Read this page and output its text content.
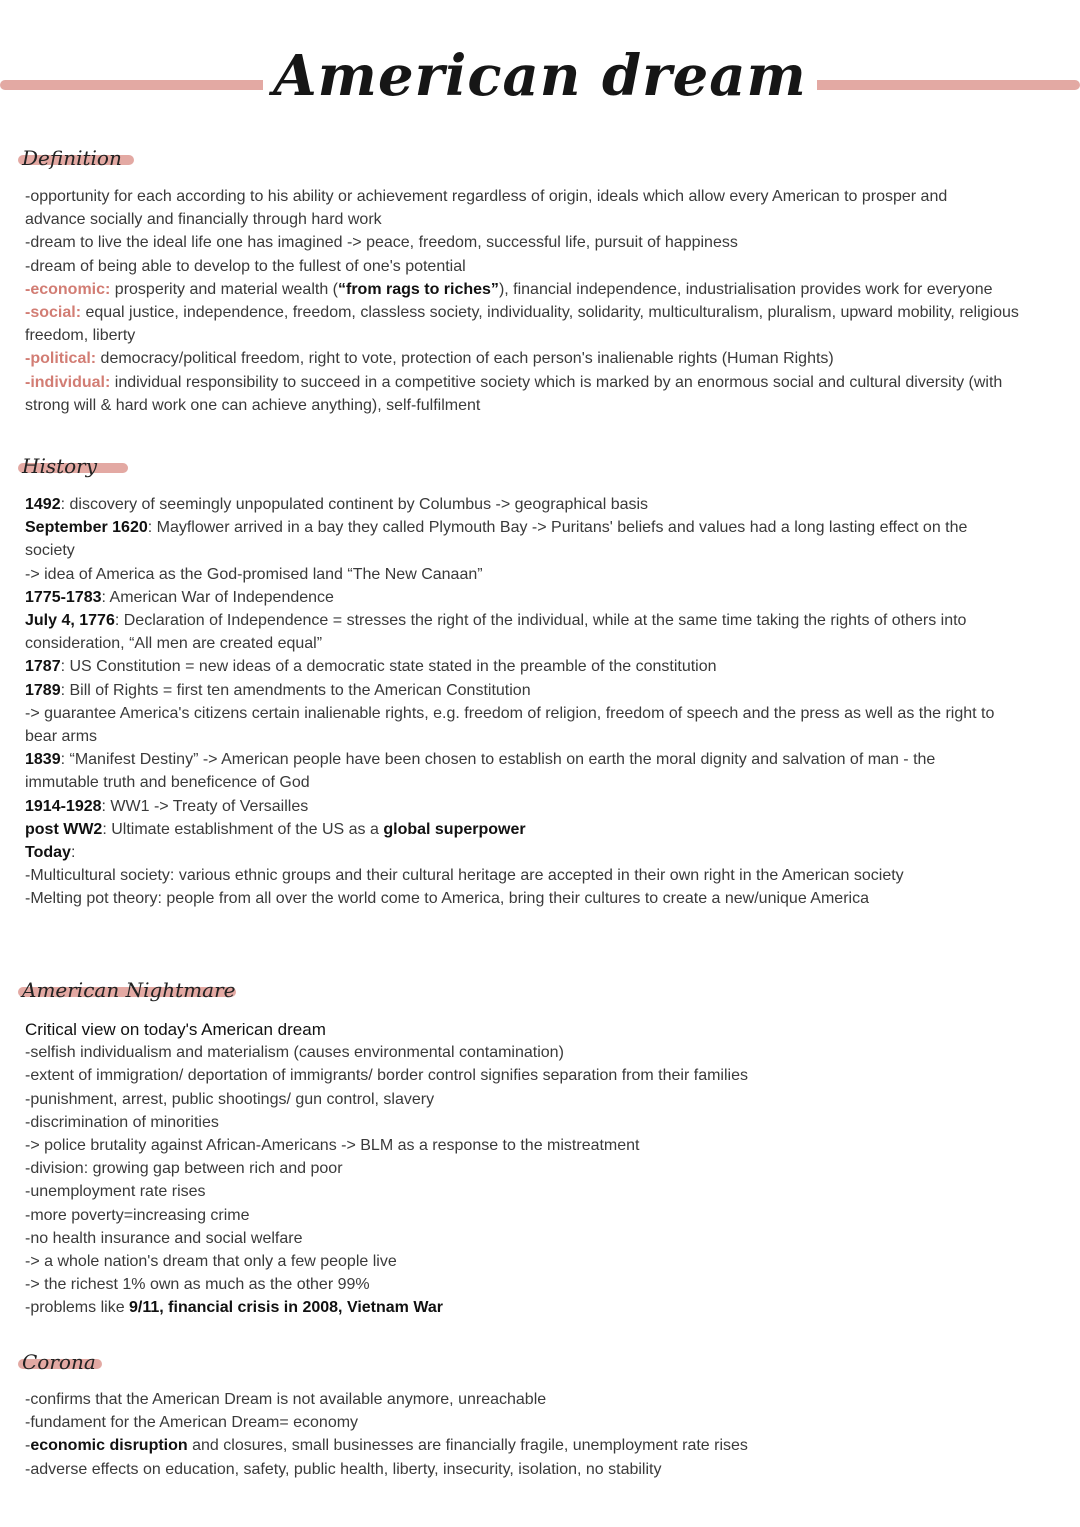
American dream
Definition
-opportunity for each according to his ability or achievement regardless of origin, ideals which allow every American to prosper and
advance socially and financially through hard work
-dream to live the ideal life one has imagined -> peace, freedom, successful life, pursuit of happiness
-dream of being able to develop to the fullest of one's potential
-economic: prosperity and material wealth (“from rags to riches”), financial independence, industrialisation provides work for everyone
-social: equal justice, independence, freedom, classless society, individuality, solidarity, multiculturalism, pluralism, upward mobility, religious
freedom, liberty
-political: democracy/political freedom, right to vote, protection of each person's inalienable rights (Human Rights)
-individual: individual responsibility to succeed in a competitive society which is marked by an enormous social and cultural diversity (with
strong will & hard work one can achieve anything), self-fulfilment
History
1492: discovery of seemingly unpopulated continent by Columbus -> geographical basis
September 1620: Mayflower arrived in a bay they called Plymouth Bay -> Puritans' beliefs and values had a long lasting effect on the
society
-> idea of America as the God-promised land “The New Canaan”
1775-1783: American War of Independence
July 4, 1776: Declaration of Independence = stresses the right of the individual, while at the same time taking the rights of others into
consideration, “All men are created equal”
1787: US Constitution = new ideas of a democratic state stated in the preamble of the constitution
1789: Bill of Rights = first ten amendments to the American Constitution
-> guarantee America's citizens certain inalienable rights, e.g. freedom of religion, freedom of speech and the press as well as the right to
bear arms
1839: “Manifest Destiny” -> American people have been chosen to establish on earth the moral dignity and salvation of man - the
immutable truth and beneficence of God
1914-1928: WW1 -> Treaty of Versailles
post WW2: Ultimate establishment of the US as a global superpower
Today:
-Multicultural society: various ethnic groups and their cultural heritage are accepted in their own right in the American society
-Melting pot theory: people from all over the world come to America, bring their cultures to create a new/unique America
American Nightmare
Critical view on today's American dream
-selfish individualism and materialism (causes environmental contamination)
-extent of immigration/ deportation of immigrants/ border control signifies separation from their families
-punishment, arrest, public shootings/ gun control, slavery
-discrimination of minorities
-> police brutality against African-Americans -> BLM as a response to the mistreatment
-division: growing gap between rich and poor
-unemployment rate rises
-more poverty=increasing crime
-no health insurance and social welfare
-> a whole nation's dream that only a few people live
-> the richest 1% own as much as the other 99%
-problems like 9/11, financial crisis in 2008, Vietnam War
Corona
-confirms that the American Dream is not available anymore, unreachable
-fundament for the American Dream= economy
-economic disruption and closures, small businesses are financially fragile, unemployment rate rises
-adverse effects on education, safety, public health, liberty, insecurity, isolation, no stability
